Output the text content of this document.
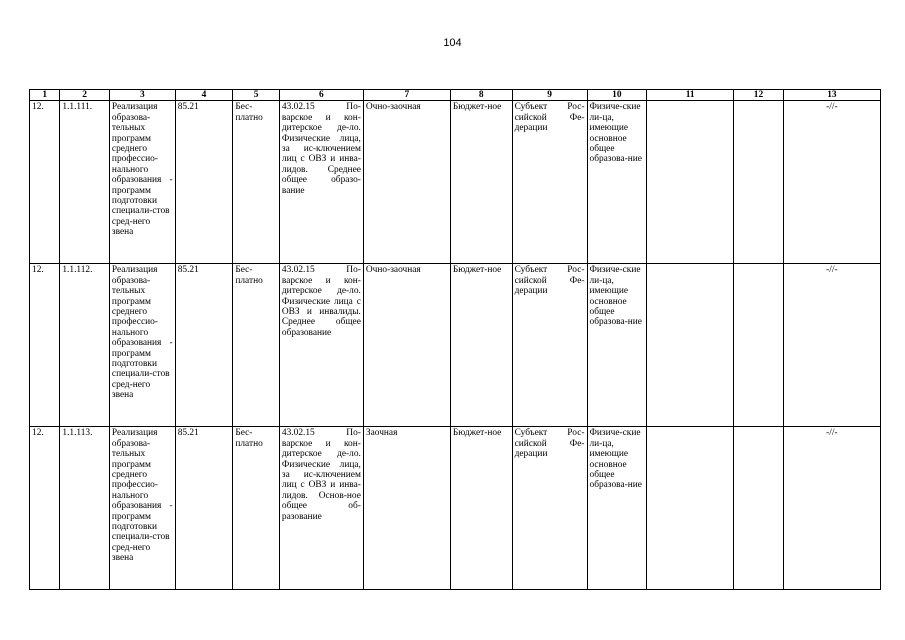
104
1	2	3	4	5	6	7	8	9	10	11	12	13
12.	1.1.111.	Реализация образова-тельных программ среднего профессио-нального образования - программ подготовки специали-стов сред-него звена	85.21	Бес-платно	43.02.15 По-варское и кон-дитерское де-ло. Физические лица, за ис-ключением лиц с ОВЗ и инва-лидов. Среднее общее образо-вание	Очно-заочная	Бюджет-ное	Субъект Рос-сийской Фе-дерации	Физиче-ские ли-ца, имеющие основное общее образова-ние			-//-
12.	1.1.112.	Реализация образова-тельных программ среднего профессио-нального образования - программ подготовки специали-стов сред-него звена	85.21	Бес-платно	43.02.15 По-варское и кон-дитерское де-ло. Физические лица с ОВЗ и инвалиды. Среднее общее образование	Очно-заочная	Бюджет-ное	Субъект Рос-сийской Фе-дерации	Физиче-ские ли-ца, имеющие основное общее образова-ние			-//-
12.	1.1.113.	Реализация образова-тельных программ среднего профессио-нального образования - программ подготовки специали-стов сред-него звена	85.21	Бес-платно	43.02.15 По-варское и кон-дитерское де-ло. Физические лица, за ис-ключением лиц с ОВЗ и инва-лидов. Основ-ное общее об-разование	Заочная	Бюджет-ное	Субъект Рос-сийской Фе-дерации	Физиче-ские ли-ца, имеющие основное общее образова-ние			-//-
